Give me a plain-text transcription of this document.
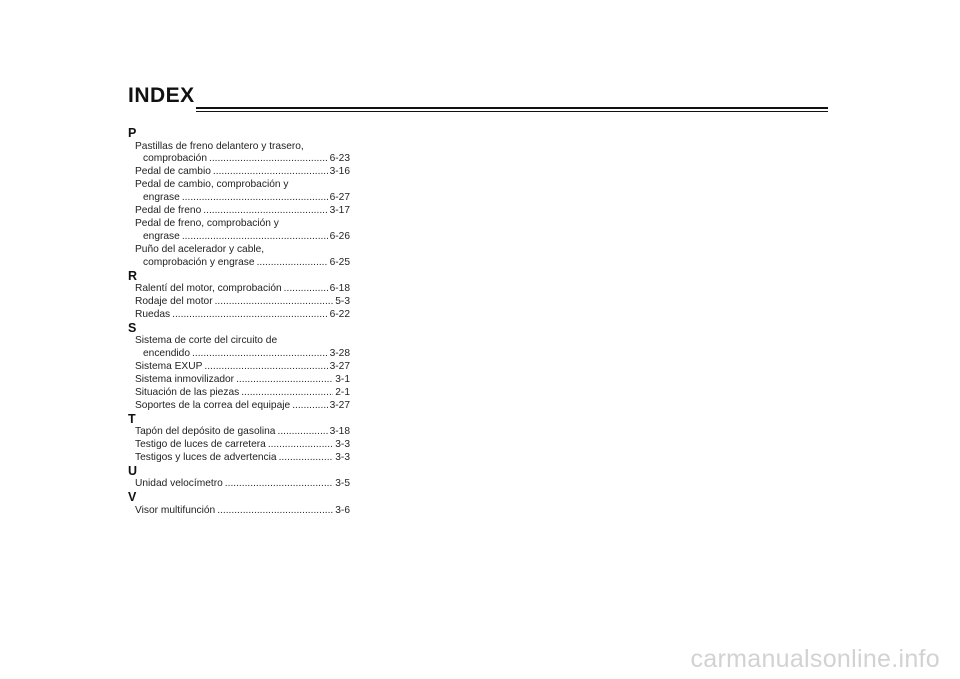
INDEX
P
Pastillas de freno delantero y trasero,
comprobación .....	6-23
Pedal de cambio .....	3-16
Pedal de cambio, comprobación y
engrase .....	6-27
Pedal de freno .....	3-17
Pedal de freno, comprobación y
engrase .....	6-26
Puño del acelerador y cable,
comprobación y engrase .....	6-25
R
Ralentí del motor, comprobación .....	6-18
Rodaje del motor .....	5-3
Ruedas .....	6-22
S
Sistema de corte del circuito de
encendido .....	3-28
Sistema EXUP .....	3-27
Sistema inmovilizador .....	3-1
Situación de las piezas .....	2-1
Soportes de la correa del equipaje .....	3-27
T
Tapón del depósito de gasolina .....	3-18
Testigo de luces de carretera .....	3-3
Testigos y luces de advertencia .....	3-3
U
Unidad velocímetro .....	3-5
V
Visor multifunción .....	3-6
carmanualsonline.info
